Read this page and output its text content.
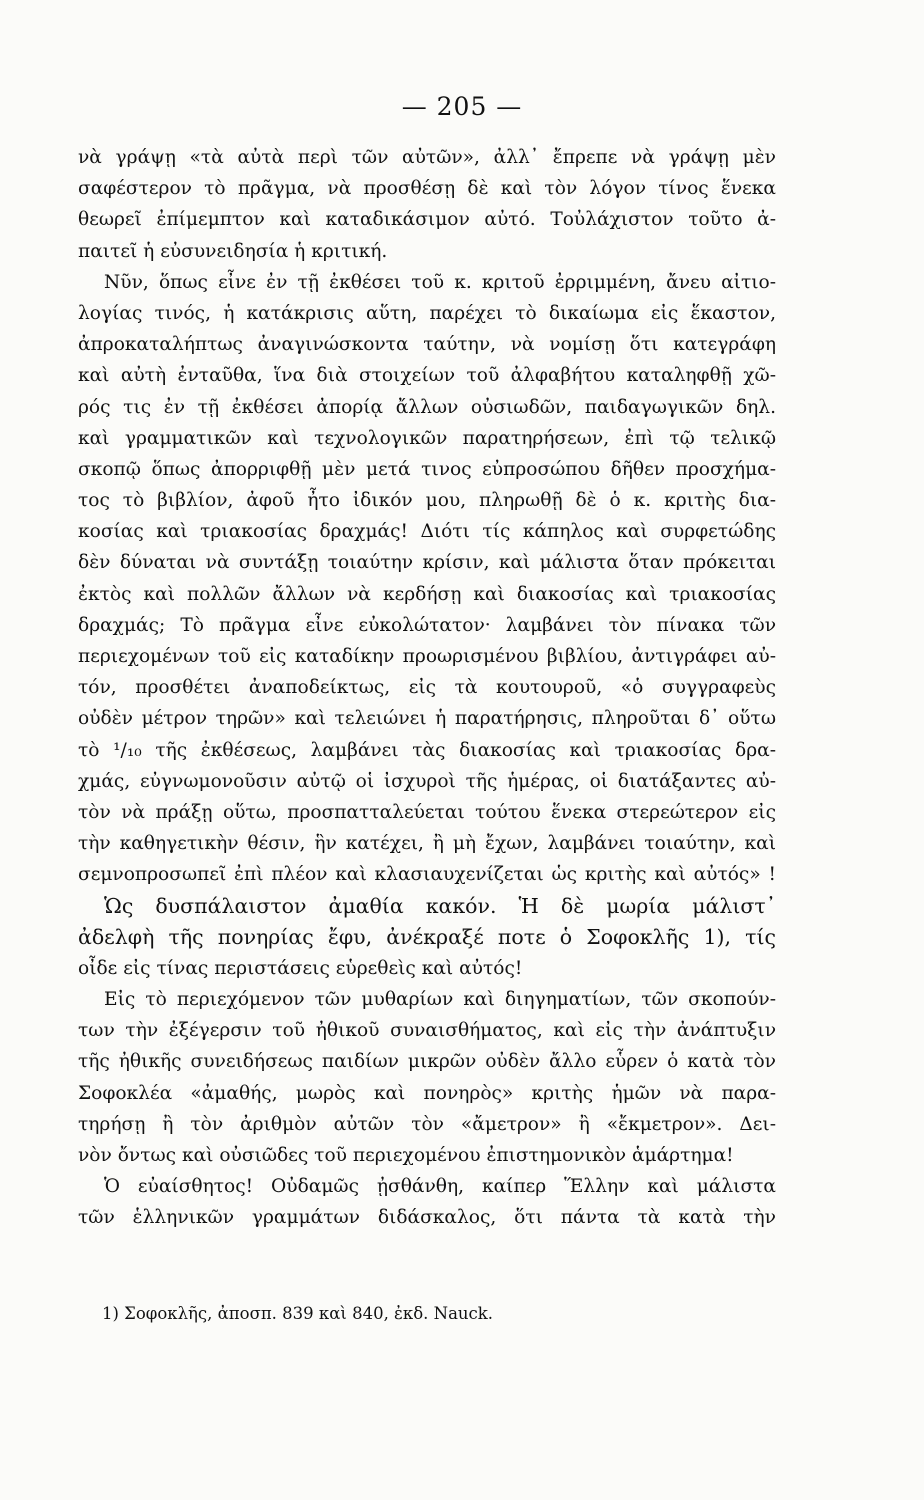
— 205 —
νὰ γράψῃ «τὰ αὐτὰ περὶ τῶν αὐτῶν», ἀλλ᾽ ἔπρεπε νὰ γράψῃ μὲν
σαφέστερον τὸ πρᾶγμα, νὰ προσθέσῃ δὲ καὶ τὸν λόγον τίνος ἕνεκα
θεωρεῖ ἐπίμεμπτον καὶ καταδικάσιμον αὐτό. Τοὐλάχιστον τοῦτο ἀ-
παιτεῖ ἡ εὐσυνειδησία ἡ κριτική.
Νῦν, ὅπως εἶνε ἐν τῇ ἐκθέσει τοῦ κ. κριτοῦ ἐρριμμένη, ἄνευ αἰτιο-
λογίας τινός, ἡ κατάκρισις αὕτη, παρέχει τὸ δικαίωμα εἰς ἕκαστον,
ἀπροκαταλήπτως ἀναγινώσκοντα ταύτην, νὰ νομίσῃ ὅτι κατεγράφη
καὶ αὐτὴ ἐνταῦθα, ἵνα διὰ στοιχείων τοῦ ἀλφαβήτου καταληφθῇ χῶ-
ρός τις ἐν τῇ ἐκθέσει ἀπορίᾳ ἄλλων οὐσιωδῶν, παιδαγωγικῶν δηλ.
καὶ γραμματικῶν καὶ τεχνολογικῶν παρατηρήσεων, ἐπὶ τῷ τελικῷ
σκοπῷ ὅπως ἀπορριφθῇ μὲν μετά τινος εὐπροσώπου δῆθεν προσχήμα-
τος τὸ βιβλίον, ἀφοῦ ἦτο ἰδικόν μου, πληρωθῇ δὲ ὁ κ. κριτὴς δια-
κοσίας καὶ τριακοσίας δραχμάς! Διότι τίς κάπηλος καὶ συρφετώδης
δὲν δύναται νὰ συντάξῃ τοιαύτην κρίσιν, καὶ μάλιστα ὅταν πρόκειται
ἐκτὸς καὶ πολλῶν ἄλλων νὰ κερδήσῃ καὶ διακοσίας καὶ τριακοσίας
δραχμάς; Τὸ πρᾶγμα εἶνε εὐκολώτατον· λαμβάνει τὸν πίνακα τῶν
περιεχομένων τοῦ εἰς καταδίκην προωρισμένου βιβλίου, ἀντιγράφει αὐ-
τόν, προσθέτει ἀναποδείκτως, εἰς τὰ κουτουροῦ, «ὁ συγγραφεὺς
οὐδὲν μέτρον τηρῶν» καὶ τελειώνει ἡ παρατήρησις, πληροῦται δ᾽ οὕτω
τὸ ¹/₁₀ τῆς ἐκθέσεως, λαμβάνει τὰς διακοσίας καὶ τριακοσίας δρα-
χμάς, εὐγνωμονοῦσιν αὐτῷ οἱ ἰσχυροὶ τῆς ἡμέρας, οἱ διατάξαντες αὐ-
τὸν νὰ πράξῃ οὕτω, προσπατταλεύεται τούτου ἕνεκα στερεώτερον εἰς
τὴν καθηγετικὴν θέσιν, ἣν κατέχει, ἢ μὴ ἔχων, λαμβάνει τοιαύτην, καὶ
σεμνοπροσωπεῖ ἐπὶ πλέον καὶ κλασιαυχενίζεται ὡς κριτὴς καὶ αὐτός» !
Ὡς δυσπάλαιστον ἀμαθία κακόν. Ἡ δὲ μωρία μάλιστ᾽
ἀδελφὴ τῆς πονηρίας ἔφυ, ἀνέκραξέ ποτε ὁ Σοφοκλῆς 1), τίς
οἶδε εἰς τίνας περιστάσεις εὑρεθεὶς καὶ αὐτός!
Εἰς τὸ περιεχόμενον τῶν μυθαρίων καὶ διηγηματίων, τῶν σκοπούν-
των τὴν ἐξέγερσιν τοῦ ἠθικοῦ συναισθήματος, καὶ εἰς τὴν ἀνάπτυξιν
τῆς ἠθικῆς συνειδήσεως παιδίων μικρῶν οὐδὲν ἄλλο εὗρεν ὁ κατὰ τὸν
Σοφοκλέα «ἀμαθής, μωρὸς καὶ πονηρὸς» κριτὴς ἡμῶν νὰ παρα-
τηρήσῃ ἢ τὸν ἀριθμὸν αὐτῶν τὸν «ἄμετρον» ἢ «ἔκμετρον». Δει-
νὸν ὄντως καὶ οὐσιῶδες τοῦ περιεχομένου ἐπιστημονικὸν ἁμάρτημα!
Ὁ εὐαίσθητος! Οὐδαμῶς ᾐσθάνθη, καίπερ Ἕλλην καὶ μάλιστα
τῶν ἑλληνικῶν γραμμάτων διδάσκαλος, ὅτι πάντα τὰ κατὰ τὴν
1) Σοφοκλῆς, ἀποσπ. 839 καὶ 840, ἐκδ. Nauck.
